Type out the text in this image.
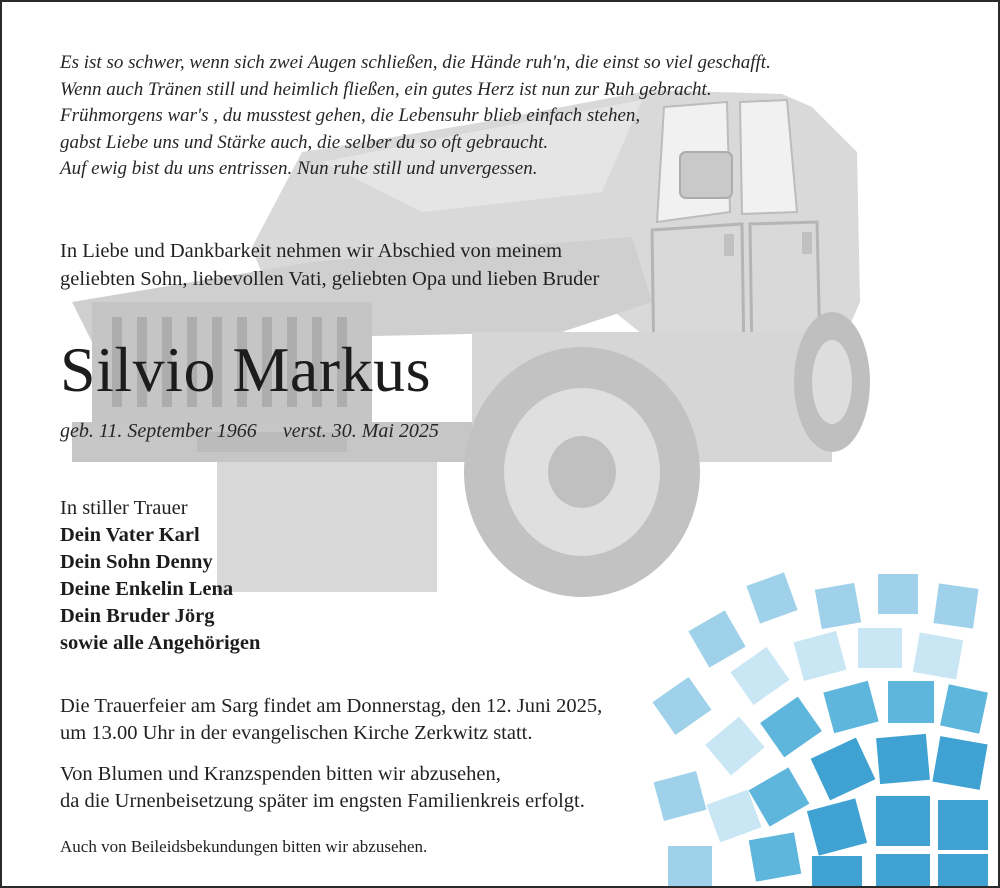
Es ist so schwer, wenn sich zwei Augen schließen, die Hände ruh'n, die einst so viel geschafft.
Wenn auch Tränen still und heimlich fließen, ein gutes Herz ist nun zur Ruh gebracht.
Frühmorgens war's , du musstest gehen, die Lebensuhr blieb einfach stehen,
gabst Liebe uns und Stärke auch, die selber du so oft gebraucht.
Auf ewig bist du uns entrissen. Nun ruhe still und unvergessen.
In Liebe und Dankbarkeit nehmen wir Abschied von meinem
geliebten Sohn, liebevollen Vati, geliebten Opa und lieben Bruder
Silvio Markus
geb. 11. September 1966 verst. 30. Mai 2025
In stiller Trauer
Dein Vater Karl
Dein Sohn Denny
Deine Enkelin Lena
Dein Bruder Jörg
sowie alle Angehörigen
Die Trauerfeier am Sarg findet am Donnerstag, den 12. Juni 2025,
um 13.00 Uhr in der evangelischen Kirche Zerkwitz statt.
Von Blumen und Kranzspenden bitten wir abzusehen,
da die Urnenbeisetzung später im engsten Familienkreis erfolgt.
Auch von Beileidsbekundungen bitten wir abzusehen.
